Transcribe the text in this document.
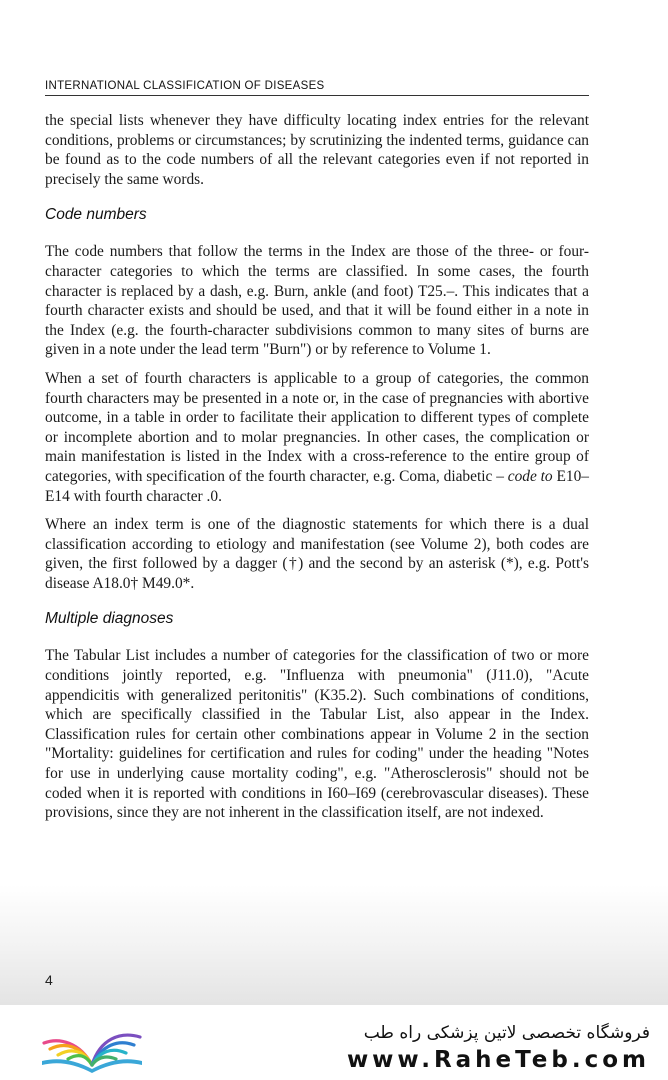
INTERNATIONAL CLASSIFICATION OF DISEASES

the special lists whenever they have difficulty locating index entries for the relevant conditions, problems or circumstances; by scrutinizing the indented terms, guidance can be found as to the code numbers of all the relevant categories even if not reported in precisely the same words.

Code numbers

The code numbers that follow the terms in the Index are those of the three- or four-character categories to which the terms are classified. In some cases, the fourth character is replaced by a dash, e.g. Burn, ankle (and foot) T25.–. This indicates that a fourth character exists and should be used, and that it will be found either in a note in the Index (e.g. the fourth-character subdivisions common to many sites of burns are given in a note under the lead term "Burn") or by reference to Volume 1.

When a set of fourth characters is applicable to a group of categories, the common fourth characters may be presented in a note or, in the case of pregnancies with abortive outcome, in a table in order to facilitate their application to different types of complete or incomplete abortion and to molar pregnancies. In other cases, the complication or main manifestation is listed in the Index with a cross-reference to the entire group of categories, with specification of the fourth character, e.g. Coma, diabetic – code to E10–E14 with fourth character .0.

Where an index term is one of the diagnostic statements for which there is a dual classification according to etiology and manifestation (see Volume 2), both codes are given, the first followed by a dagger (†) and the second by an asterisk (*), e.g. Pott's disease A18.0† M49.0*.

Multiple diagnoses

The Tabular List includes a number of categories for the classification of two or more conditions jointly reported, e.g. "Influenza with pneumonia" (J11.0), "Acute appendicitis with generalized peritonitis" (K35.2). Such combinations of conditions, which are specifically classified in the Tabular List, also appear in the Index. Classification rules for certain other combinations appear in Volume 2 in the section "Mortality: guidelines for certification and rules for coding" under the heading "Notes for use in underlying cause mortality coding", e.g. "Atherosclerosis" should not be coded when it is reported with conditions in I60–I69 (cerebrovascular diseases). These provisions, since they are not inherent in the classification itself, are not indexed.

4
فروشگاه تخصصی لاتین پزشکی راه طب
www.RaheTeb.com
